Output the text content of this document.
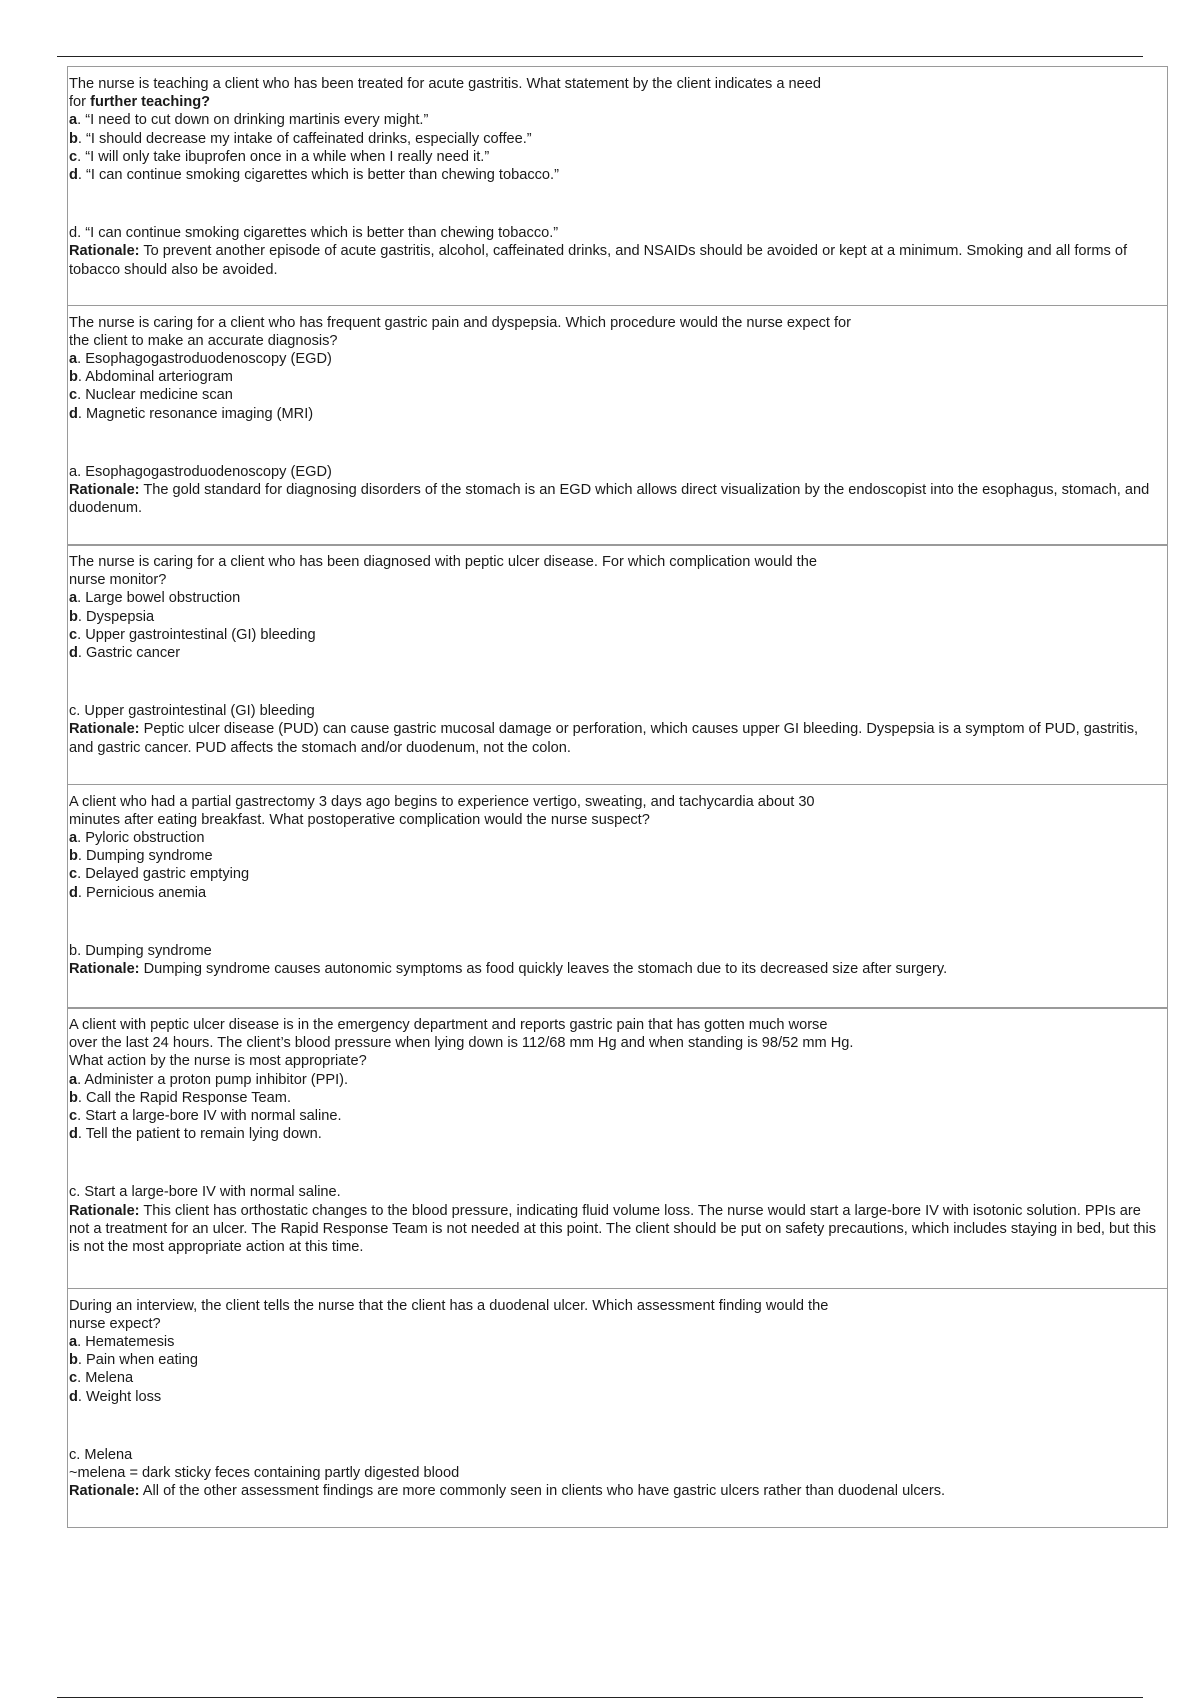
The nurse is teaching a client who has been treated for acute gastritis. What statement by the client indicates a need

for further teaching?

a. “I need to cut down on drinking martinis every might.”
b. “I should decrease my intake of caffeinated drinks, especially coffee.”
c. “I will only take ibuprofen once in a while when I really need it.”
d. “I can continue smoking cigarettes which is better than chewing tobacco.”

d. “I can continue smoking cigarettes which is better than chewing tobacco.”

Rationale: To prevent another episode of acute gastritis, alcohol, caffeinated drinks, and NSAIDs should be avoided or kept at a minimum. Smoking and all forms of tobacco should also be avoided.

The nurse is caring for a client who has frequent gastric pain and dyspepsia. Which procedure would the nurse expect for

the client to make an accurate diagnosis?

a. Esophagogastroduodenoscopy (EGD)
b. Abdominal arteriogram
c. Nuclear medicine scan
d. Magnetic resonance imaging (MRI)

a. Esophagogastroduodenoscopy (EGD)

Rationale: The gold standard for diagnosing disorders of the stomach is an EGD which allows direct visualization by the endoscopist into the esophagus, stomach, and duodenum.

The nurse is caring for a client who has been diagnosed with peptic ulcer disease. For which complication would the

nurse monitor?

a. Large bowel obstruction
b. Dyspepsia
c. Upper gastrointestinal (GI) bleeding
d. Gastric cancer

c. Upper gastrointestinal (GI) bleeding

Rationale: Peptic ulcer disease (PUD) can cause gastric mucosal damage or perforation, which causes upper GI bleeding. Dyspepsia is a symptom of PUD, gastritis, and gastric cancer. PUD affects the stomach and/or duodenum, not the colon.

A client who had a partial gastrectomy 3 days ago begins to experience vertigo, sweating, and tachycardia about 30

minutes after eating breakfast. What postoperative complication would the nurse suspect?

a. Pyloric obstruction
b. Dumping syndrome
c. Delayed gastric emptying
d. Pernicious anemia

b. Dumping syndrome

Rationale: Dumping syndrome causes autonomic symptoms as food quickly leaves the stomach due to its decreased size after surgery.

A client with peptic ulcer disease is in the emergency department and reports gastric pain that has gotten much worse

over the last 24 hours. The client’s blood pressure when lying down is 112/68 mm Hg and when standing is 98/52 mm Hg.

What action by the nurse is most appropriate?

a. Administer a proton pump inhibitor (PPI).
b. Call the Rapid Response Team.
c. Start a large-bore IV with normal saline.
d. Tell the patient to remain lying down.

c. Start a large-bore IV with normal saline.

Rationale: This client has orthostatic changes to the blood pressure, indicating fluid volume loss. The nurse would start a large-bore IV with isotonic solution. PPIs are not a treatment for an ulcer. The Rapid Response Team is not needed at this point. The client should be put on safety precautions, which includes staying in bed, but this is not the most appropriate action at this time.

During an interview, the client tells the nurse that the client has a duodenal ulcer. Which assessment finding would the

nurse expect?

a. Hematemesis
b. Pain when eating
c. Melena
d. Weight loss

c. Melena

~melena = dark sticky feces containing partly digested blood

Rationale: All of the other assessment findings are more commonly seen in clients who have gastric ulcers rather than duodenal ulcers.
